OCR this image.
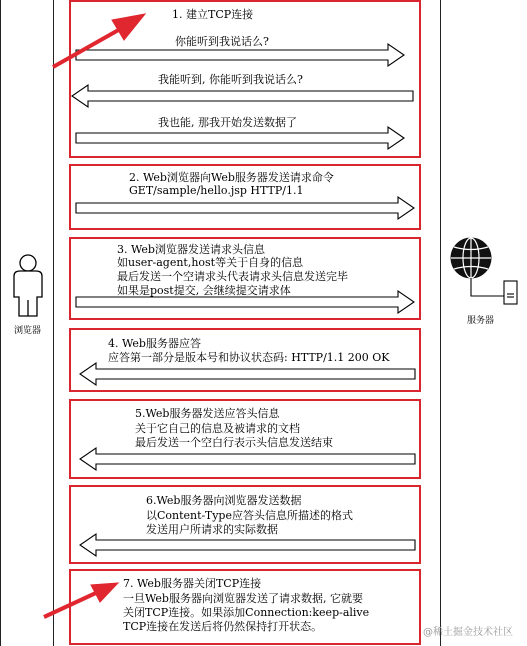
1. 建立TCP连接
你能听到我说话么?
我能听到, 你能听到我说话么?
我也能, 那我开始发送数据了
2. Web浏览器向Web服务器发送请求命令
GET/sample/hello.jsp HTTP/1.1
3. Web浏览器发送请求头信息
如user-agent,host等关于自身的信息
最后发送一个空请求头代表请求头信息发送完毕
如果是post提交, 会继续提交请求体
4. Web服务器应答
应答第一部分是版本号和协议状态码: HTTP/1.1 200 OK
5.Web服务器发送应答头信息
关于它自己的信息及被请求的文档
最后发送一个空白行表示头信息发送结束
6.Web服务器向浏览器发送数据
以Content-Type应答头信息所描述的格式
发送用户所请求的实际数据
7. Web服务器关闭TCP连接
一旦Web服务器向浏览器发送了请求数据, 它就要
关闭TCP连接。如果添加Connection:keep-alive
TCP连接在发送后将仍然保持打开状态。
浏览器
服务器
@稀土掘金技术社区
